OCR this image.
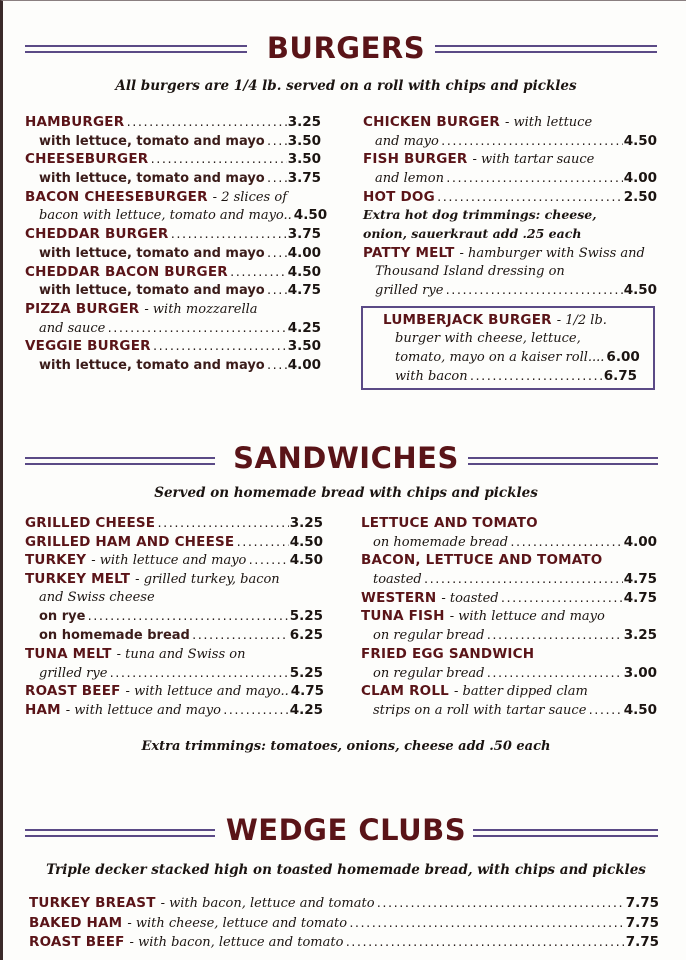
BURGERS
All burgers are 1/4 lb. served on a roll with chips and pickles
HAMBURGER .....	3.25
with lettuce, tomato and mayo ..... 3.50
CHEESEBURGER .....	3.50
with lettuce, tomato and mayo ..... 3.75
BACON CHEESEBURGER - 2 slices of
bacon with lettuce, tomato and mayo.. 4.50
CHEDDAR BURGER .....	3.75
with lettuce, tomato and mayo ..... 4.00
CHEDDAR BACON BURGER .....	4.50
with lettuce, tomato and mayo ..... 4.75
PIZZA BURGER - with mozzarella
and sauce .....	4.25
VEGGIE BURGER .....	3.50
with lettuce, tomato and mayo ..... 4.00
CHICKEN BURGER - with lettuce
and mayo .....	4.50
FISH BURGER - with tartar sauce
and lemon .....	4.00
HOT DOG .....	2.50
Extra hot dog trimmings: cheese,
onion, sauerkraut add .25 each
PATTY MELT - hamburger with Swiss and
Thousand Island dressing on
grilled rye .....	4.50
LUMBERJACK BURGER - 1/2 lb.
burger with cheese, lettuce,
tomato, mayo on a kaiser roll.... 6.00
with bacon .....	6.75
SANDWICHES
Served on homemade bread with chips and pickles
GRILLED CHEESE .....	3.25
GRILLED HAM AND CHEESE .....	4.50
TURKEY - with lettuce and mayo .....	4.50
TURKEY MELT - grilled turkey, bacon
and Swiss cheese
on rye .....	5.25
on homemade bread .....	6.25
TUNA MELT - tuna and Swiss on
grilled rye .....	5.25
ROAST BEEF - with lettuce and mayo.. 4.75
HAM - with lettuce and mayo .....	4.25
LETTUCE AND TOMATO
on homemade bread .....	4.00
BACON, LETTUCE AND TOMATO
toasted .....	4.75
WESTERN - toasted .....	4.75
TUNA FISH - with lettuce and mayo
on regular bread .....	3.25
FRIED EGG SANDWICH
on regular bread .....	3.00
CLAM ROLL - batter dipped clam
strips on a roll with tartar sauce .....	4.50
Extra trimmings: tomatoes, onions, cheese add .50 each
WEDGE CLUBS
Triple decker stacked high on toasted homemade bread, with chips and pickles
TURKEY BREAST - with bacon, lettuce and tomato .....	7.75
BAKED HAM - with cheese, lettuce and tomato .....	7.75
ROAST BEEF - with bacon, lettuce and tomato .....	7.75
